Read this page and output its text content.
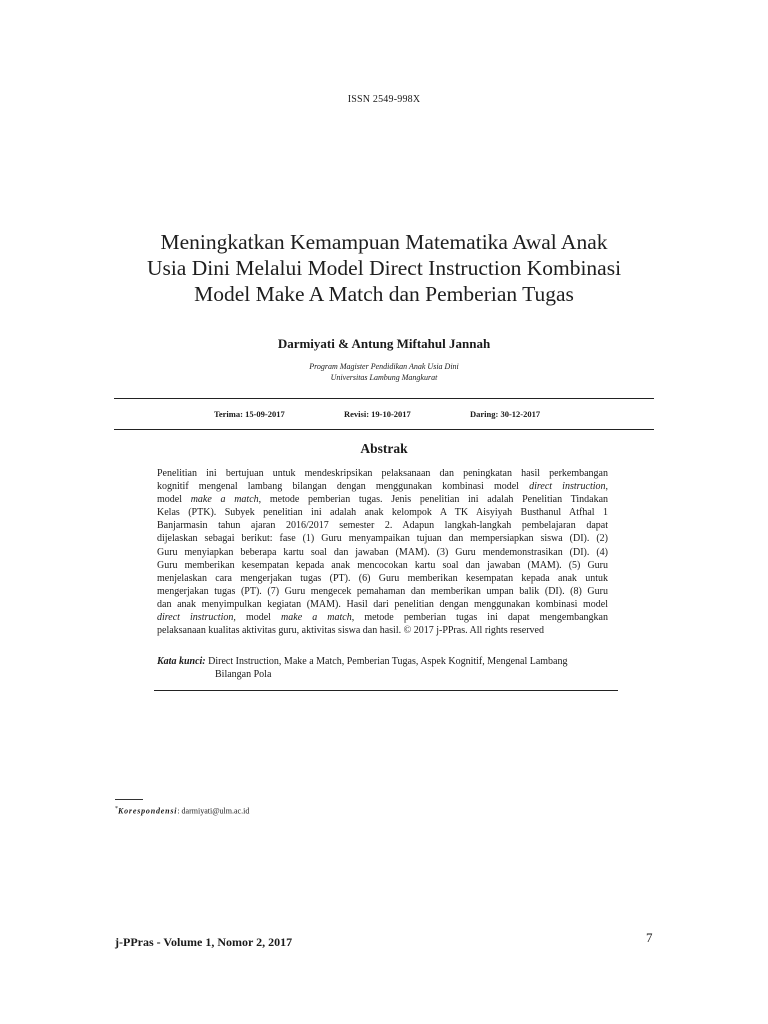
ISSN 2549-998X
Meningkatkan Kemampuan Matematika Awal Anak
Usia Dini Melalui Model Direct Instruction Kombinasi
Model Make A Match dan Pemberian Tugas
Darmiyati & Antung Miftahul Jannah
Program Magister Pendidikan Anak Usia Dini
Universitas Lambung Mangkurat
Terima: 15-09-2017	Revisi: 19-10-2017	Daring: 30-12-2017
Abstrak
Penelitian ini bertujuan untuk mendeskripsikan pelaksanaan dan peningkatan hasil perkembangan
kognitif mengenal lambang bilangan dengan menggunakan kombinasi model direct instruction,
model make a match, metode pemberian tugas. Jenis penelitian ini adalah Penelitian Tindakan
Kelas (PTK). Subyek penelitian ini adalah anak kelompok A TK Aisyiyah Busthanul Atfhal 1
Banjarmasin tahun ajaran 2016/2017 semester 2. Adapun langkah-langkah pembelajaran dapat
dijelaskan sebagai berikut: fase (1) Guru menyampaikan tujuan dan mempersiapkan siswa (DI). (2)
Guru menyiapkan beberapa kartu soal dan jawaban (MAM). (3) Guru mendemonstrasikan (DI). (4)
Guru memberikan kesempatan kepada anak mencocokan kartu soal dan jawaban (MAM). (5) Guru
menjelaskan cara mengerjakan tugas (PT). (6) Guru memberikan kesempatan kepada anak untuk
mengerjakan tugas (PT). (7) Guru mengecek pemahaman dan memberikan umpan balik (DI). (8) Guru
dan anak menyimpulkan kegiatan (MAM). Hasil dari penelitian dengan menggunakan kombinasi model
direct instruction, model make a match, metode pemberian tugas ini dapat mengembangkan
pelaksanaan kualitas aktivitas guru, aktivitas siswa dan hasil. © 2017 j-PPras. All rights reserved
Kata kunci: Direct Instruction, Make a Match, Pemberian Tugas, Aspek Kognitif, Mengenal Lambang
Bilangan Pola
*Korespondensi: darmiyati@ulm.ac.id
j-PPras - Volume 1, Nomor 2, 2017	7
